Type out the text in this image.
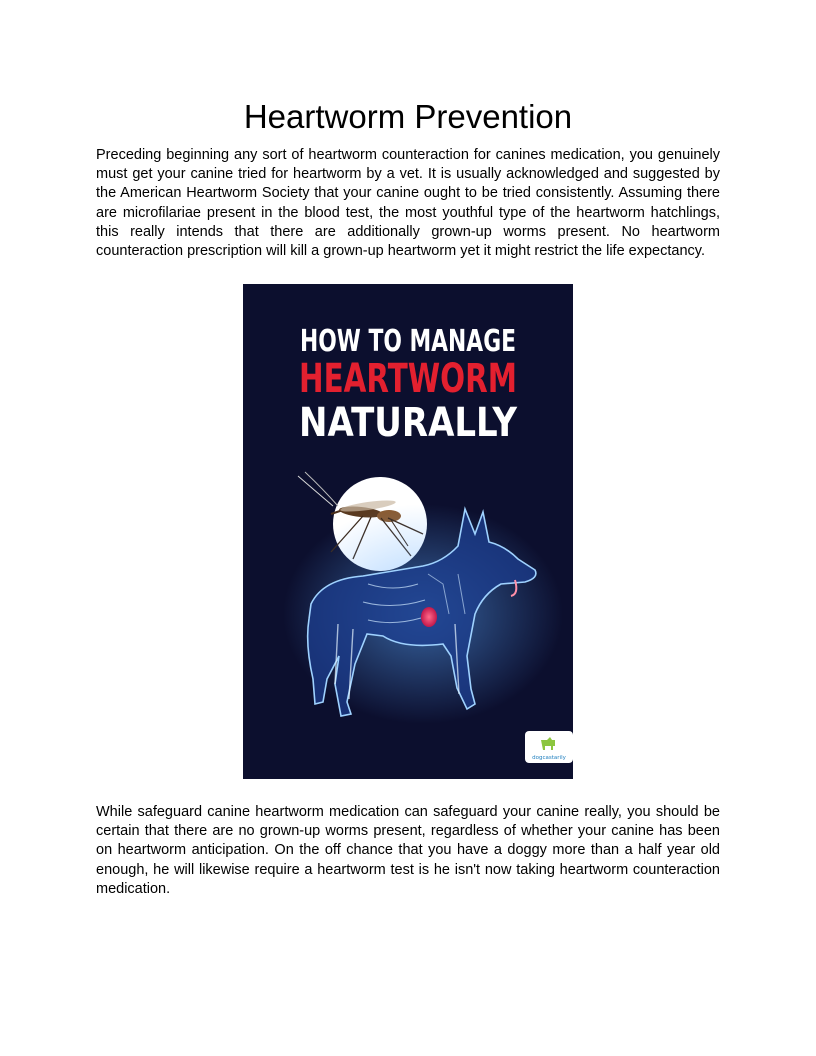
Heartworm Prevention

Preceding beginning any sort of heartworm counteraction for canines medication, you genuinely must get your canine tried for heartworm by a vet. It is usually acknowledged and suggested by the American Heartworm Society that your canine ought to be tried consistently. Assuming there are microfilariae present in the blood test, the most youthful type of the heartworm hatchlings, this really intends that there are additionally grown-up worms present. No heartworm counteraction prescription will kill a grown-up heartworm yet it might restrict the life expectancy.

HOW TO MANAGE
HEARTWORM
NATURALLY
dogcastarily

While safeguard canine heartworm medication can safeguard your canine really, you should be certain that there are no grown-up worms present, regardless of whether your canine has been on heartworm anticipation. On the off chance that you have a doggy more than a half year old enough, he will likewise require a heartworm test is he isn't now taking heartworm counteraction medication.
